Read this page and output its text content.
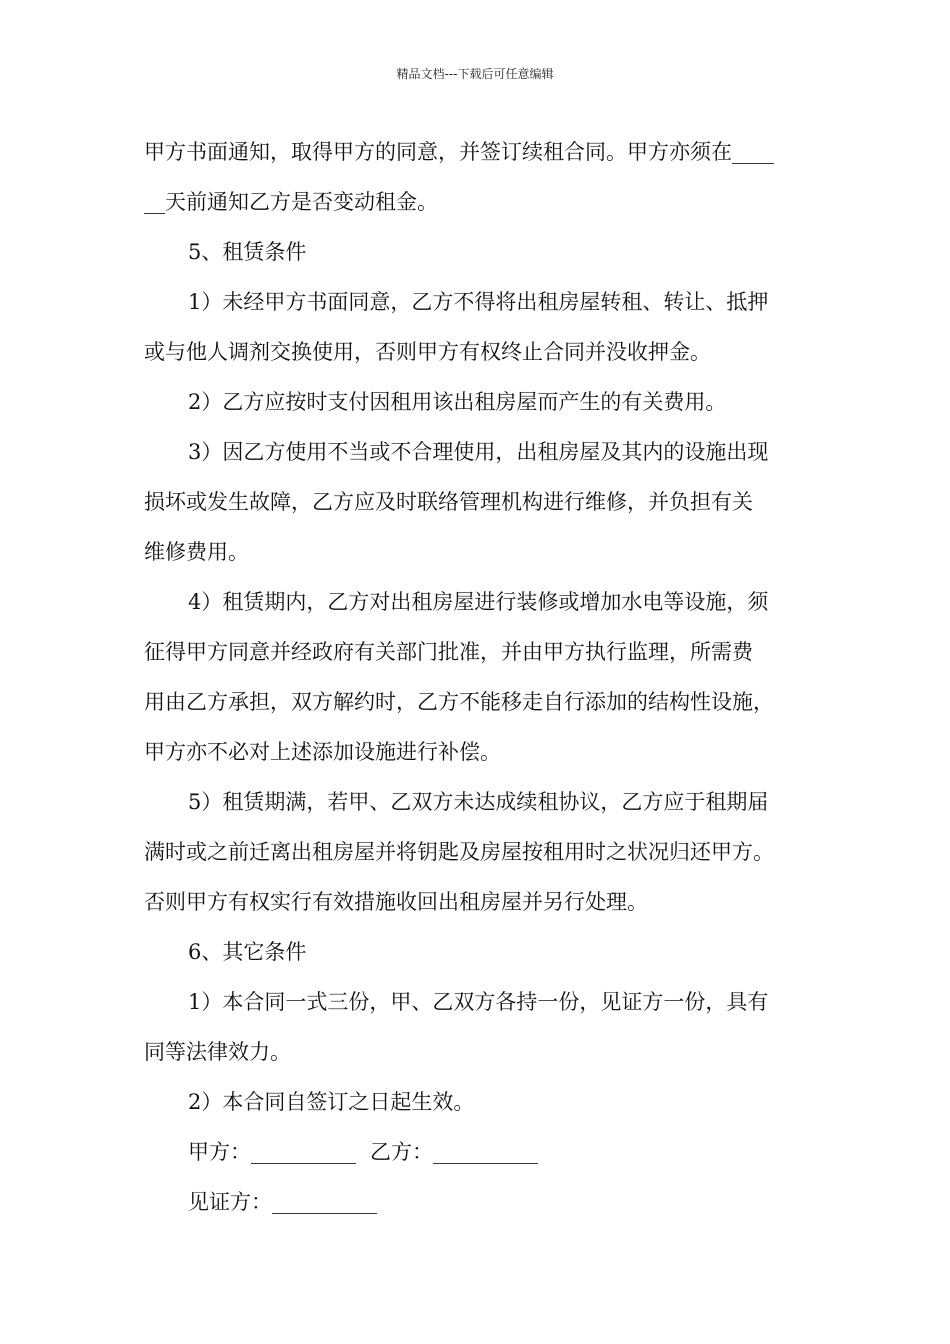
精品文档---下载后可任意编辑
甲方书面通知，取得甲方的同意，并签订续租合同。甲方亦须在____
__天前通知乙方是否变动租金。
5、租赁条件
1）未经甲方书面同意，乙方不得将出租房屋转租、转让、抵押
或与他人调剂交换使用，否则甲方有权终止合同并没收押金。
2）乙方应按时支付因租用该出租房屋而产生的有关费用。
3）因乙方使用不当或不合理使用，出租房屋及其内的设施出现
损坏或发生故障，乙方应及时联络管理机构进行维修，并负担有关
维修费用。
4）租赁期内，乙方对出租房屋进行装修或增加水电等设施，须
征得甲方同意并经政府有关部门批准，并由甲方执行监理，所需费
用由乙方承担，双方解约时，乙方不能移走自行添加的结构性设施，
甲方亦不必对上述添加设施进行补偿。
5）租赁期满，若甲、乙双方未达成续租协议，乙方应于租期届
满时或之前迁离出租房屋并将钥匙及房屋按租用时之状况归还甲方。
否则甲方有权实行有效措施收回出租房屋并另行处理。
6、其它条件
1）本合同一式三份，甲、乙双方各持一份，见证方一份，具有
同等法律效力。
2）本合同自签订之日起生效。
甲方：__________ 乙方：__________
见证方：__________
